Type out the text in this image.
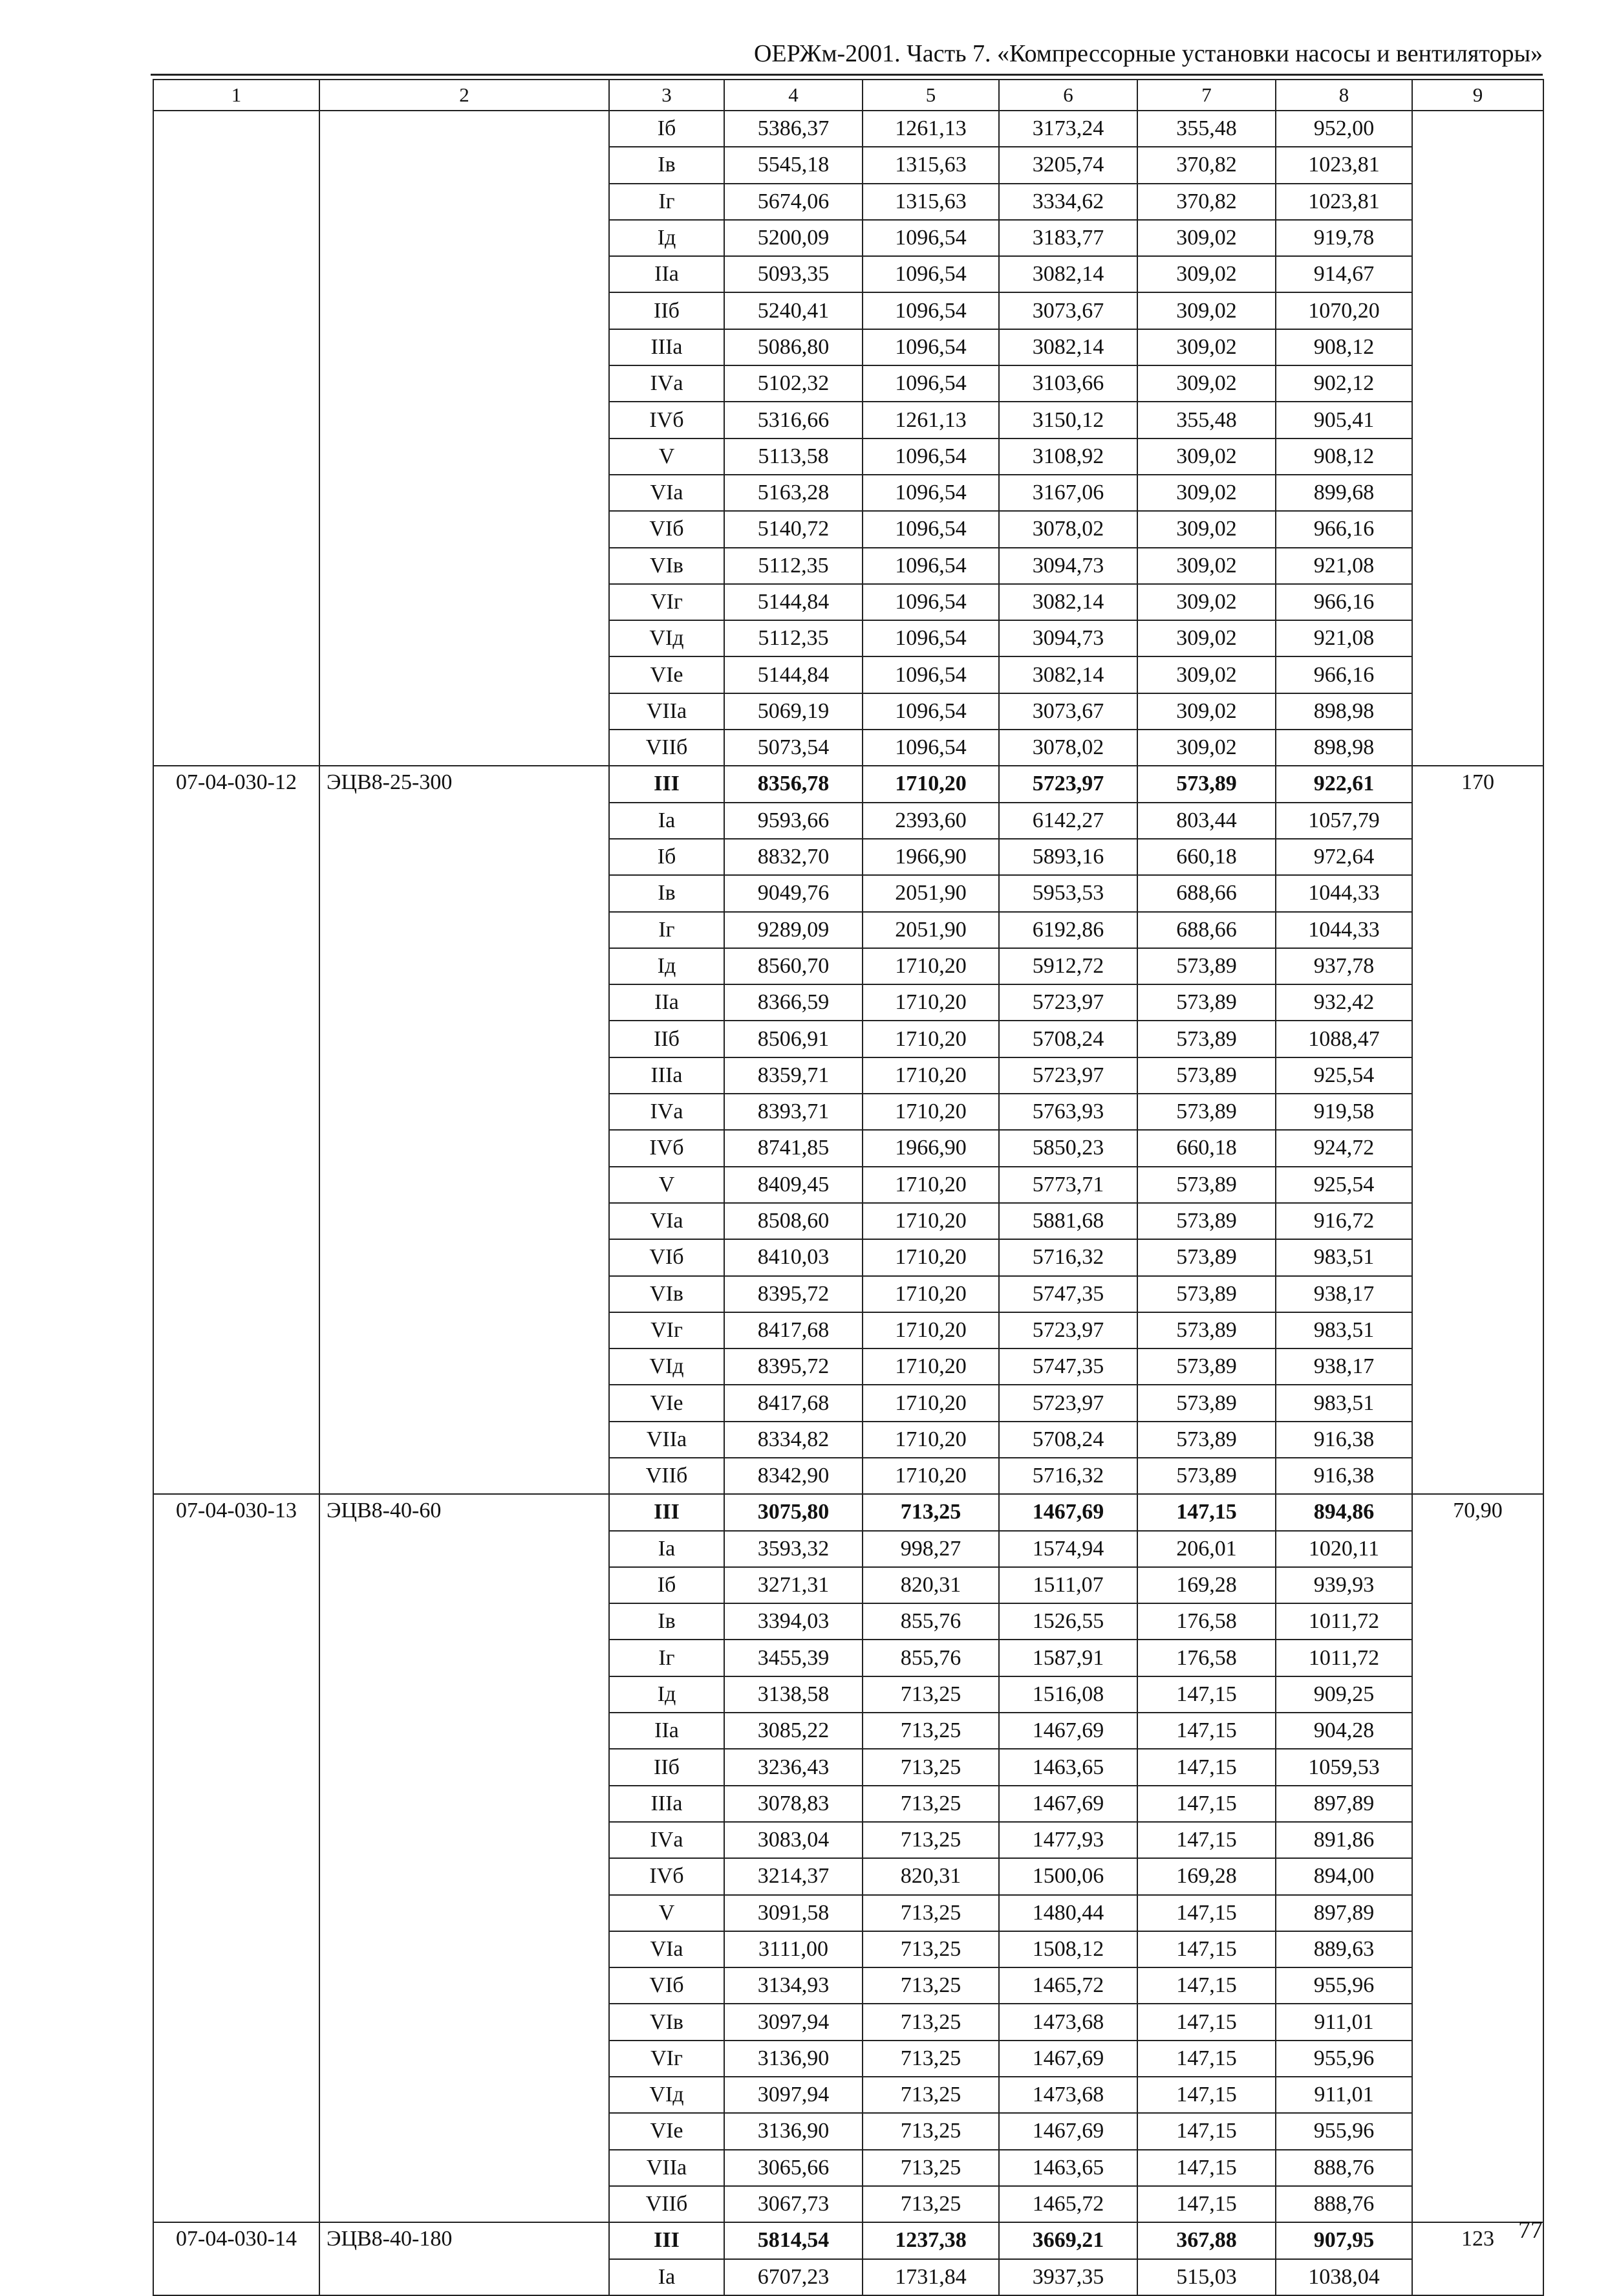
ОЕРЖм-2001. Часть 7. «Компрессорные установки насосы и вентиляторы»
1	2	3	4	5	6	7	8	9
		Iб	5386,37	1261,13	3173,24	355,48	952,00	
		Iв	5545,18	1315,63	3205,74	370,82	1023,81	
		Iг	5674,06	1315,63	3334,62	370,82	1023,81	
		Iд	5200,09	1096,54	3183,77	309,02	919,78	
		IIа	5093,35	1096,54	3082,14	309,02	914,67	
		IIб	5240,41	1096,54	3073,67	309,02	1070,20	
		IIIа	5086,80	1096,54	3082,14	309,02	908,12	
		IVа	5102,32	1096,54	3103,66	309,02	902,12	
		IVб	5316,66	1261,13	3150,12	355,48	905,41	
		V	5113,58	1096,54	3108,92	309,02	908,12	
		VIа	5163,28	1096,54	3167,06	309,02	899,68	
		VIб	5140,72	1096,54	3078,02	309,02	966,16	
		VIв	5112,35	1096,54	3094,73	309,02	921,08	
		VIг	5144,84	1096,54	3082,14	309,02	966,16	
		VIд	5112,35	1096,54	3094,73	309,02	921,08	
		VIе	5144,84	1096,54	3082,14	309,02	966,16	
		VIIа	5069,19	1096,54	3073,67	309,02	898,98	
		VIIб	5073,54	1096,54	3078,02	309,02	898,98	
07-04-030-12	ЭЦВ8-25-300	III	8356,78	1710,20	5723,97	573,89	922,61	170
		Iа	9593,66	2393,60	6142,27	803,44	1057,79	
		Iб	8832,70	1966,90	5893,16	660,18	972,64	
		Iв	9049,76	2051,90	5953,53	688,66	1044,33	
		Iг	9289,09	2051,90	6192,86	688,66	1044,33	
		Iд	8560,70	1710,20	5912,72	573,89	937,78	
		IIа	8366,59	1710,20	5723,97	573,89	932,42	
		IIб	8506,91	1710,20	5708,24	573,89	1088,47	
		IIIа	8359,71	1710,20	5723,97	573,89	925,54	
		IVа	8393,71	1710,20	5763,93	573,89	919,58	
		IVб	8741,85	1966,90	5850,23	660,18	924,72	
		V	8409,45	1710,20	5773,71	573,89	925,54	
		VIа	8508,60	1710,20	5881,68	573,89	916,72	
		VIб	8410,03	1710,20	5716,32	573,89	983,51	
		VIв	8395,72	1710,20	5747,35	573,89	938,17	
		VIг	8417,68	1710,20	5723,97	573,89	983,51	
		VIд	8395,72	1710,20	5747,35	573,89	938,17	
		VIе	8417,68	1710,20	5723,97	573,89	983,51	
		VIIа	8334,82	1710,20	5708,24	573,89	916,38	
		VIIб	8342,90	1710,20	5716,32	573,89	916,38	
07-04-030-13	ЭЦВ8-40-60	III	3075,80	713,25	1467,69	147,15	894,86	70,90
		Iа	3593,32	998,27	1574,94	206,01	1020,11	
		Iб	3271,31	820,31	1511,07	169,28	939,93	
		Iв	3394,03	855,76	1526,55	176,58	1011,72	
		Iг	3455,39	855,76	1587,91	176,58	1011,72	
		Iд	3138,58	713,25	1516,08	147,15	909,25	
		IIа	3085,22	713,25	1467,69	147,15	904,28	
		IIб	3236,43	713,25	1463,65	147,15	1059,53	
		IIIа	3078,83	713,25	1467,69	147,15	897,89	
		IVа	3083,04	713,25	1477,93	147,15	891,86	
		IVб	3214,37	820,31	1500,06	169,28	894,00	
		V	3091,58	713,25	1480,44	147,15	897,89	
		VIа	3111,00	713,25	1508,12	147,15	889,63	
		VIб	3134,93	713,25	1465,72	147,15	955,96	
		VIв	3097,94	713,25	1473,68	147,15	911,01	
		VIг	3136,90	713,25	1467,69	147,15	955,96	
		VIд	3097,94	713,25	1473,68	147,15	911,01	
		VIе	3136,90	713,25	1467,69	147,15	955,96	
		VIIа	3065,66	713,25	1463,65	147,15	888,76	
		VIIб	3067,73	713,25	1465,72	147,15	888,76	
07-04-030-14	ЭЦВ8-40-180	III	5814,54	1237,38	3669,21	367,88	907,95	123
		Iа	6707,23	1731,84	3937,35	515,03	1038,04	
77
